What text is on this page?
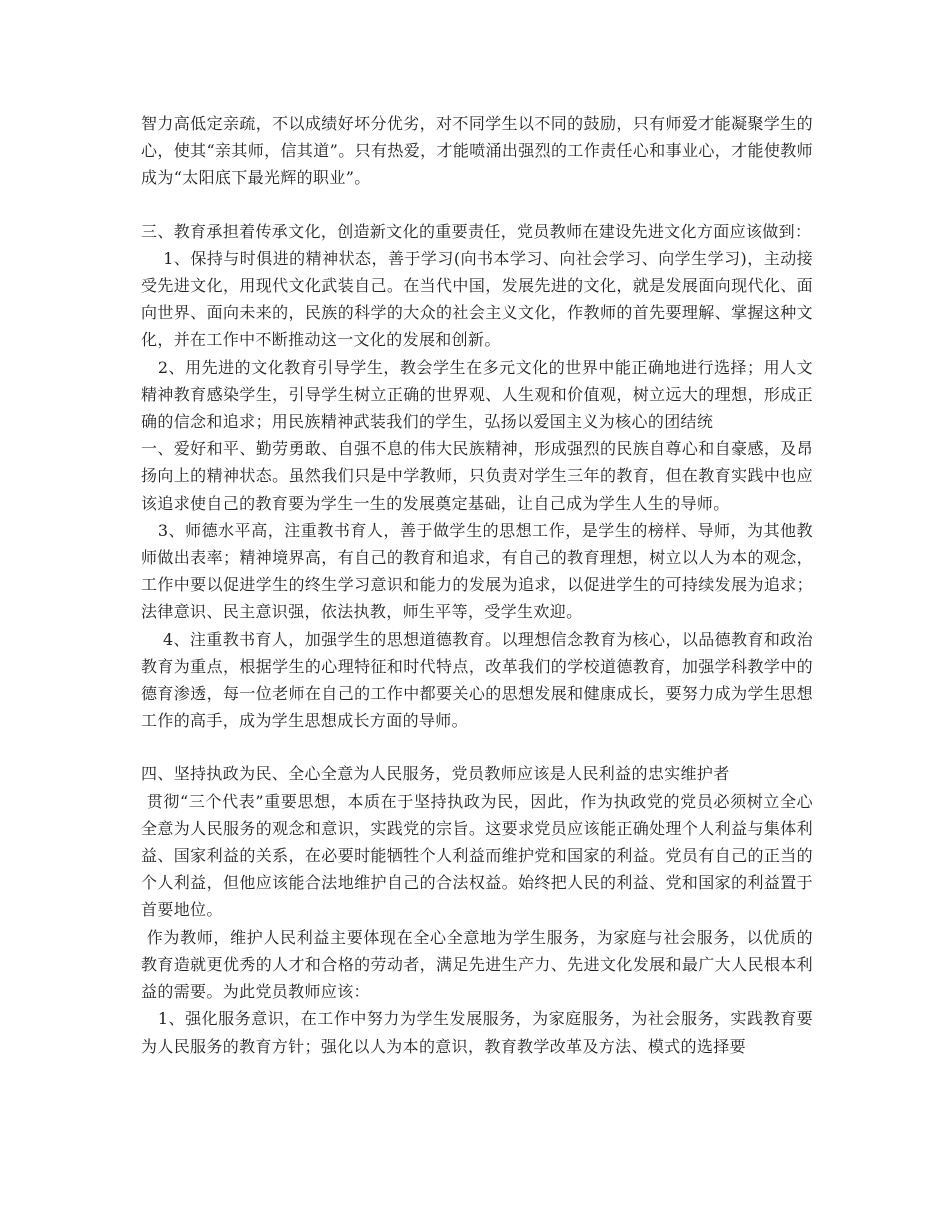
智力高低定亲疏，不以成绩好坏分优劣，对不同学生以不同的鼓励，只有师爱才能凝聚学生的心，使其“亲其师，信其道”。只有热爱，才能喷涌出强烈的工作责任心和事业心，才能使教师成为“太阳底下最光辉的职业”。

三、教育承担着传承文化，创造新文化的重要责任，党员教师在建设先进文化方面应该做到：

1、保持与时俱进的精神状态，善于学习(向书本学习、向社会学习、向学生学习)，主动接受先进文化，用现代文化武装自己。在当代中国，发展先进的文化，就是发展面向现代化、面向世界、面向未来的，民族的科学的大众的社会主义文化，作教师的首先要理解、掌握这种文化，并在工作中不断推动这一文化的发展和创新。

2、用先进的文化教育引导学生，教会学生在多元文化的世界中能正确地进行选择；用人文精神教育感染学生，引导学生树立正确的世界观、人生观和价值观，树立远大的理想，形成正确的信念和追求；用民族精神武装我们的学生，弘扬以爱国主义为核心的团结统

一、爱好和平、勤劳勇敢、自强不息的伟大民族精神，形成强烈的民族自尊心和自豪感，及昂扬向上的精神状态。虽然我们只是中学教师，只负责对学生三年的教育，但在教育实践中也应该追求使自己的教育要为学生一生的发展奠定基础，让自己成为学生人生的导师。

3、师德水平高，注重教书育人，善于做学生的思想工作，是学生的榜样、导师，为其他教师做出表率；精神境界高，有自己的教育和追求，有自己的教育理想，树立以人为本的观念，工作中要以促进学生的终生学习意识和能力的发展为追求，以促进学生的可持续发展为追求；法律意识、民主意识强，依法执教，师生平等，受学生欢迎。

4、注重教书育人，加强学生的思想道德教育。以理想信念教育为核心，以品德教育和政治教育为重点，根据学生的心理特征和时代特点，改革我们的学校道德教育，加强学科教学中的德育渗透，每一位老师在自己的工作中都要关心的思想发展和健康成长，要努力成为学生思想工作的高手，成为学生思想成长方面的导师。

四、坚持执政为民、全心全意为人民服务，党员教师应该是人民利益的忠实维护者

贯彻“三个代表”重要思想，本质在于坚持执政为民，因此，作为执政党的党员必须树立全心全意为人民服务的观念和意识，实践党的宗旨。这要求党员应该能正确处理个人利益与集体利益、国家利益的关系，在必要时能牺牲个人利益而维护党和国家的利益。党员有自己的正当的个人利益，但他应该能合法地维护自己的合法权益。始终把人民的利益、党和国家的利益置于首要地位。

作为教师，维护人民利益主要体现在全心全意地为学生服务，为家庭与社会服务，以优质的教育造就更优秀的人才和合格的劳动者，满足先进生产力、先进文化发展和最广大人民根本利益的需要。为此党员教师应该：

1、强化服务意识，在工作中努力为学生发展服务，为家庭服务，为社会服务，实践教育要为人民服务的教育方针；强化以人为本的意识，教育教学改革及方法、模式的选择要
